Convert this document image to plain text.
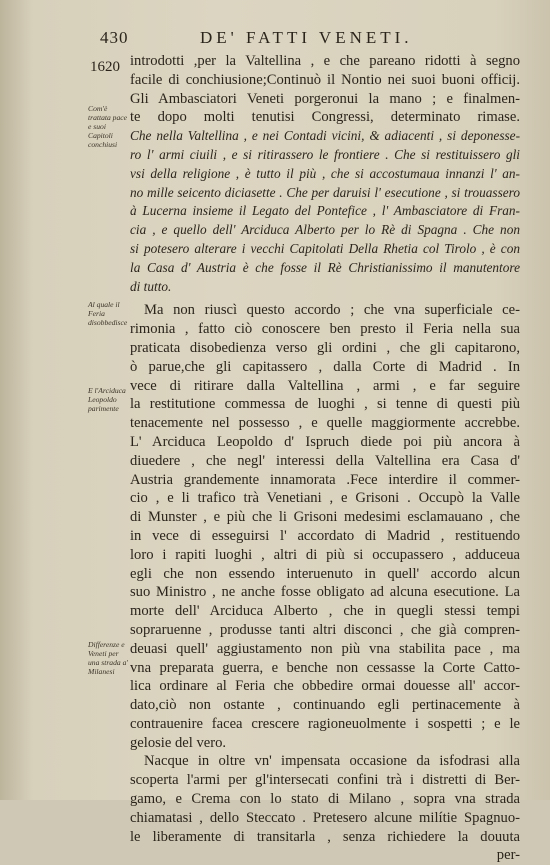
430	DE' FATTI VENETI.
1620
Com'è trattata pace e suoi Capitoli conchiusi
Al quale il Feria disobbedisce
E l'Arciduca Leopoldo parimente
Differenze e Veneti per una strada a' Milanesi
introdotti ,per la Valtellina , e che pareano ridotti à segno
facile di conchiusione;Continuò il Nontio nei suoi buoni officij.
Gli Ambasciatori Veneti porgeronui la mano ; e finalmen-
te dopo molti tenutisi Congressi, determinato rimase.
Che nella Valtellina , e nei Contadi vicini, & adiacenti , si deponesse-
ro l' armi ciuili , e si ritirassero le frontiere . Che si restituissero gli
vsi della religione , è tutto il più , che si accostumaua innanzi l' an-
no mille seicento diciasette . Che per daruisi l' esecutione , si trouassero
à Lucerna insieme il Legato del Pontefice , l' Ambasciatore di Fran-
cia , e quello dell' Arciduca Alberto per lo Rè di Spagna . Che non
si potesero alterare i vecchi Capitolati Della Rhetia col Tirolo , è con
la Casa d' Austria è che fosse il Rè Christianissimo il manutentore
di tutto.
Ma non riuscì questo accordo ; che vna superficiale ce-
rimonia , fatto ciò conoscere ben presto il Feria nella sua
praticata disobedienza verso gli ordini , che gli capitarono,
ò parue,che gli capitassero , dalla Corte di Madrid . In
vece di ritirare dalla Valtellina , armi , e far seguire
la restitutione commessa de luoghi , si tenne di questi più
tenacemente nel possesso , e quelle maggiormente accrebbe.
L' Arciduca Leopoldo d' Ispruch diede poi più ancora à
diuedere , che negl' interessi della Valtellina era Casa d'
Austria grandemente innamorata .Fece interdire il commer-
cio , e li trafico trà Venetiani , e Grisoni . Occupò la Valle
di Munster , e più che li Grisoni medesimi esclamauano , che
in vece di esseguirsi l' accordato di Madrid , restituendo
loro i rapiti luoghi , altri di più si occupassero , adduceua
egli che non essendo interuenuto in quell' accordo alcun
suo Ministro , ne anche fosse obligato ad alcuna esecutione. La
morte dell' Arciduca Alberto , che in quegli stessi tempi
sopraruenne , produsse tanti altri disconci , che già compren-
deuasi quell' aggiustamento non più vna stabilita pace , ma
vna preparata guerra, e benche non cessasse la Corte Catto-
lica ordinare al Feria che obbedire ormai douesse all' accor-
dato,ciò non ostante , continuando egli pertinacemente à
contrauenire facea crescere ragioneuolmente i sospetti ; e le
gelosie del vero.
Nacque in oltre vn' impensata occasione da isfodrasi alla
scoperta l'armi per gl'intersecati confini trà i distretti di Ber-
gamo, e Crema con lo stato di Milano , sopra vna strada
chiamatasi , dello Steccato . Pretesero alcune milítie Spagnuo-
le liberamente di transitarla , senza richiedere la douuta
per-
